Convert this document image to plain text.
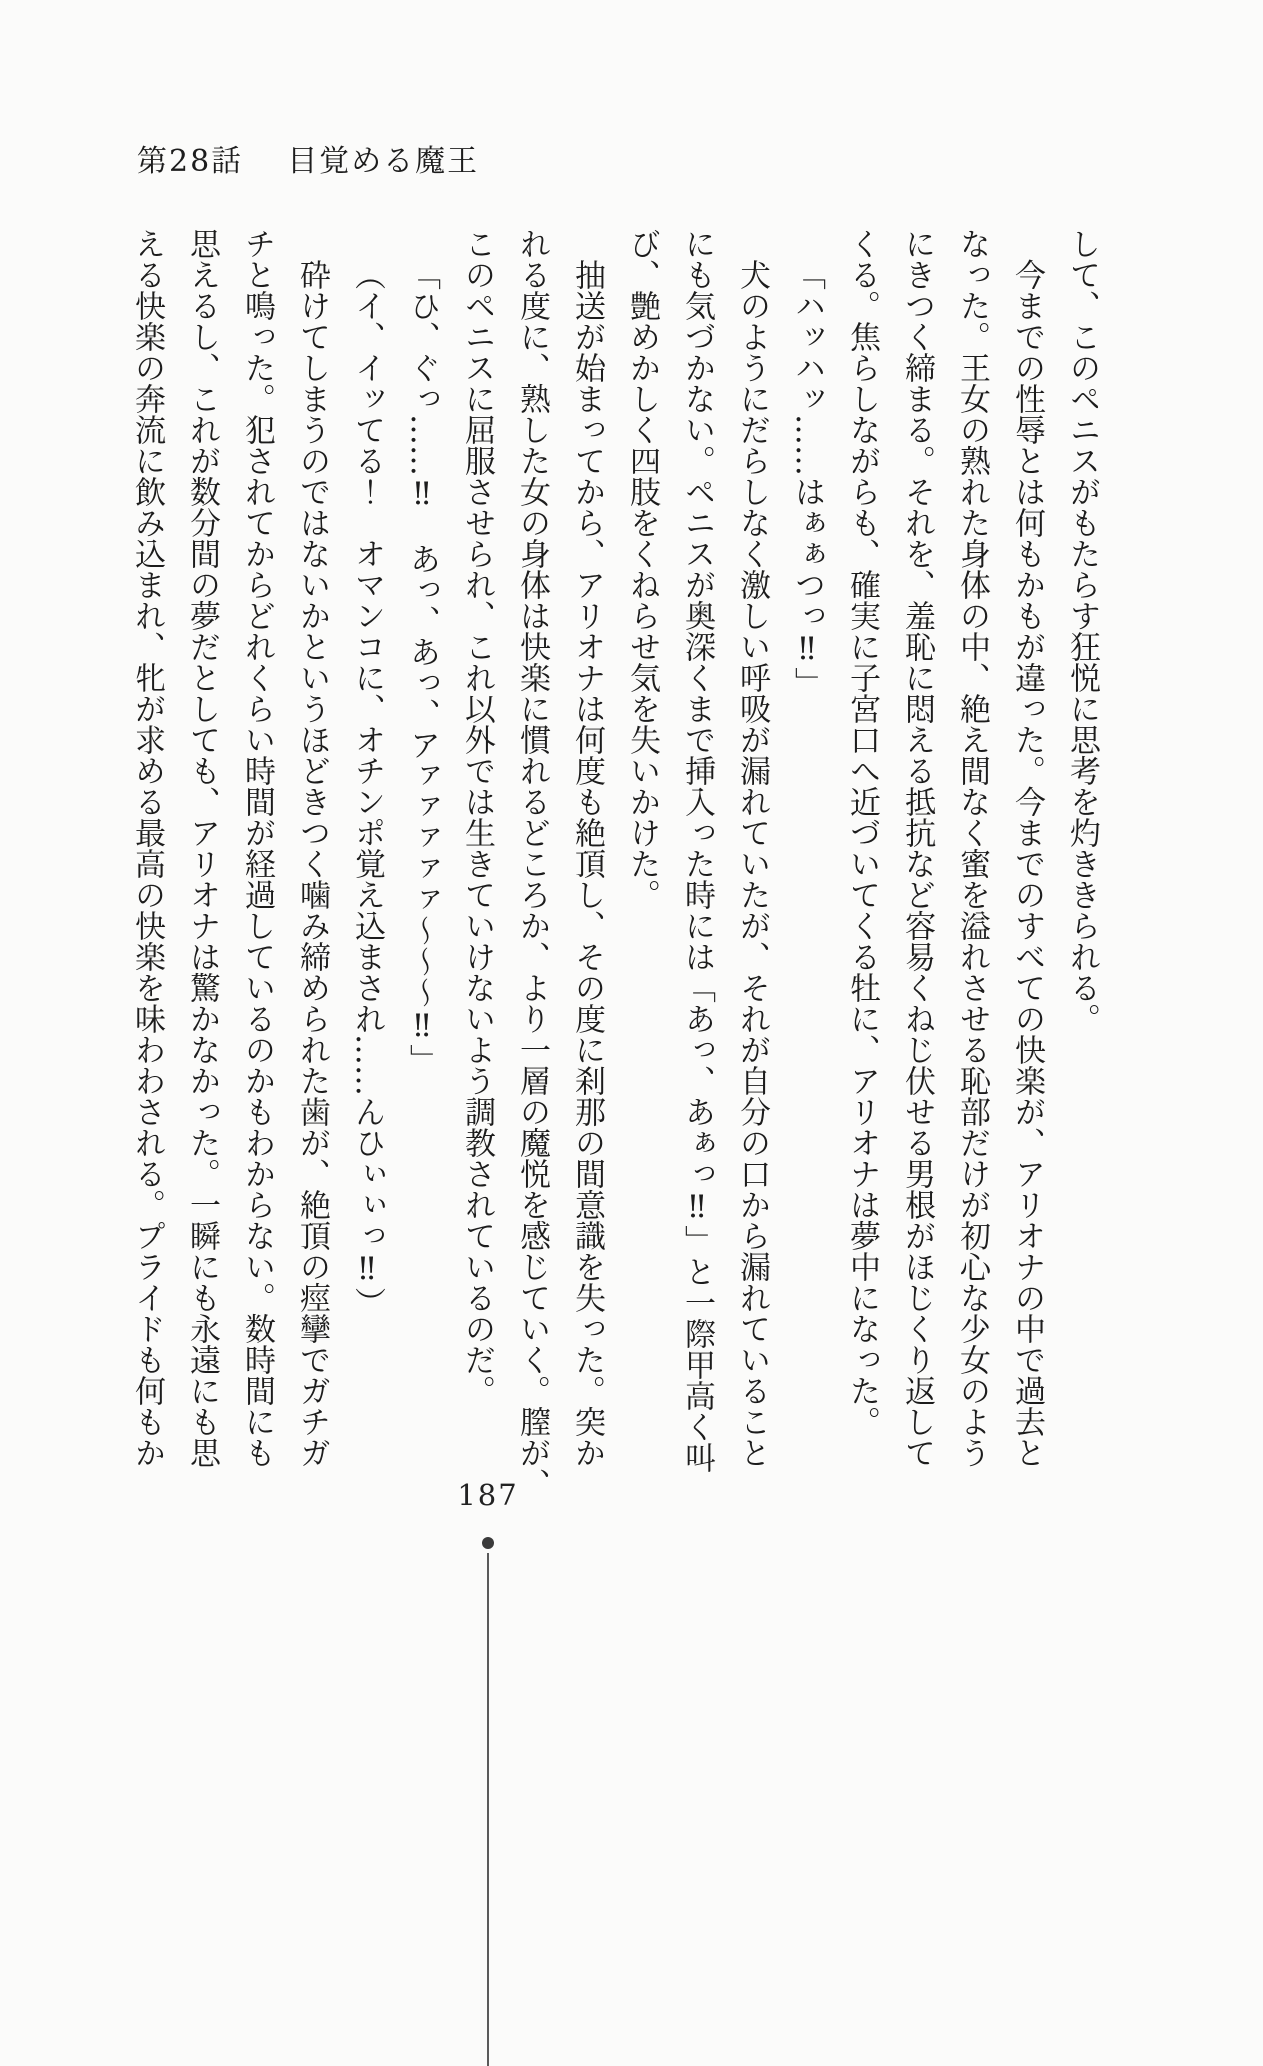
第28話 目覚める魔王
して、このペニスがもたらす狂悦に思考を灼ききられる。
今までの性辱とは何もかもが違った。今までのすべての快楽が、アリオナの中で過去と
なった。王女の熟れた身体の中、絶え間なく蜜を溢れさせる恥部だけが初心な少女のよう
にきつく締まる。それを、羞恥に悶える抵抗など容易くねじ伏せる男根がほじくり返して
くる。焦らしながらも、確実に子宮口へ近づいてくる牡に、アリオナは夢中になった。
「ハッハッ……はぁぁつっ‼」
犬のようにだらしなく激しい呼吸が漏れていたが、それが自分の口から漏れていること
にも気づかない。ペニスが奥深くまで挿入った時には「あっ、あぁっ‼」と一際甲高く叫
び、艶めかしく四肢をくねらせ気を失いかけた。
抽送が始まってから、アリオナは何度も絶頂し、その度に刹那の間意識を失った。突か
れる度に、熟した女の身体は快楽に慣れるどころか、より一層の魔悦を感じていく。膣が、
このペニスに屈服させられ、これ以外では生きていけないよう調教されているのだ。
「ひ、ぐっ……‼　あっ、あっ、アァァァァァ〜〜〜‼」
（イ、イッてる！　オマンコに、オチンポ覚え込まされ……んひぃぃっ‼）
砕けてしまうのではないかというほどきつく噛み締められた歯が、絶頂の痙攣でガチガ
チと鳴った。犯されてからどれくらい時間が経過しているのかもわからない。数時間にも
思えるし、これが数分間の夢だとしても、アリオナは驚かなかった。一瞬にも永遠にも思
える快楽の奔流に飲み込まれ、牝が求める最高の快楽を味わわされる。プライドも何もか
187
